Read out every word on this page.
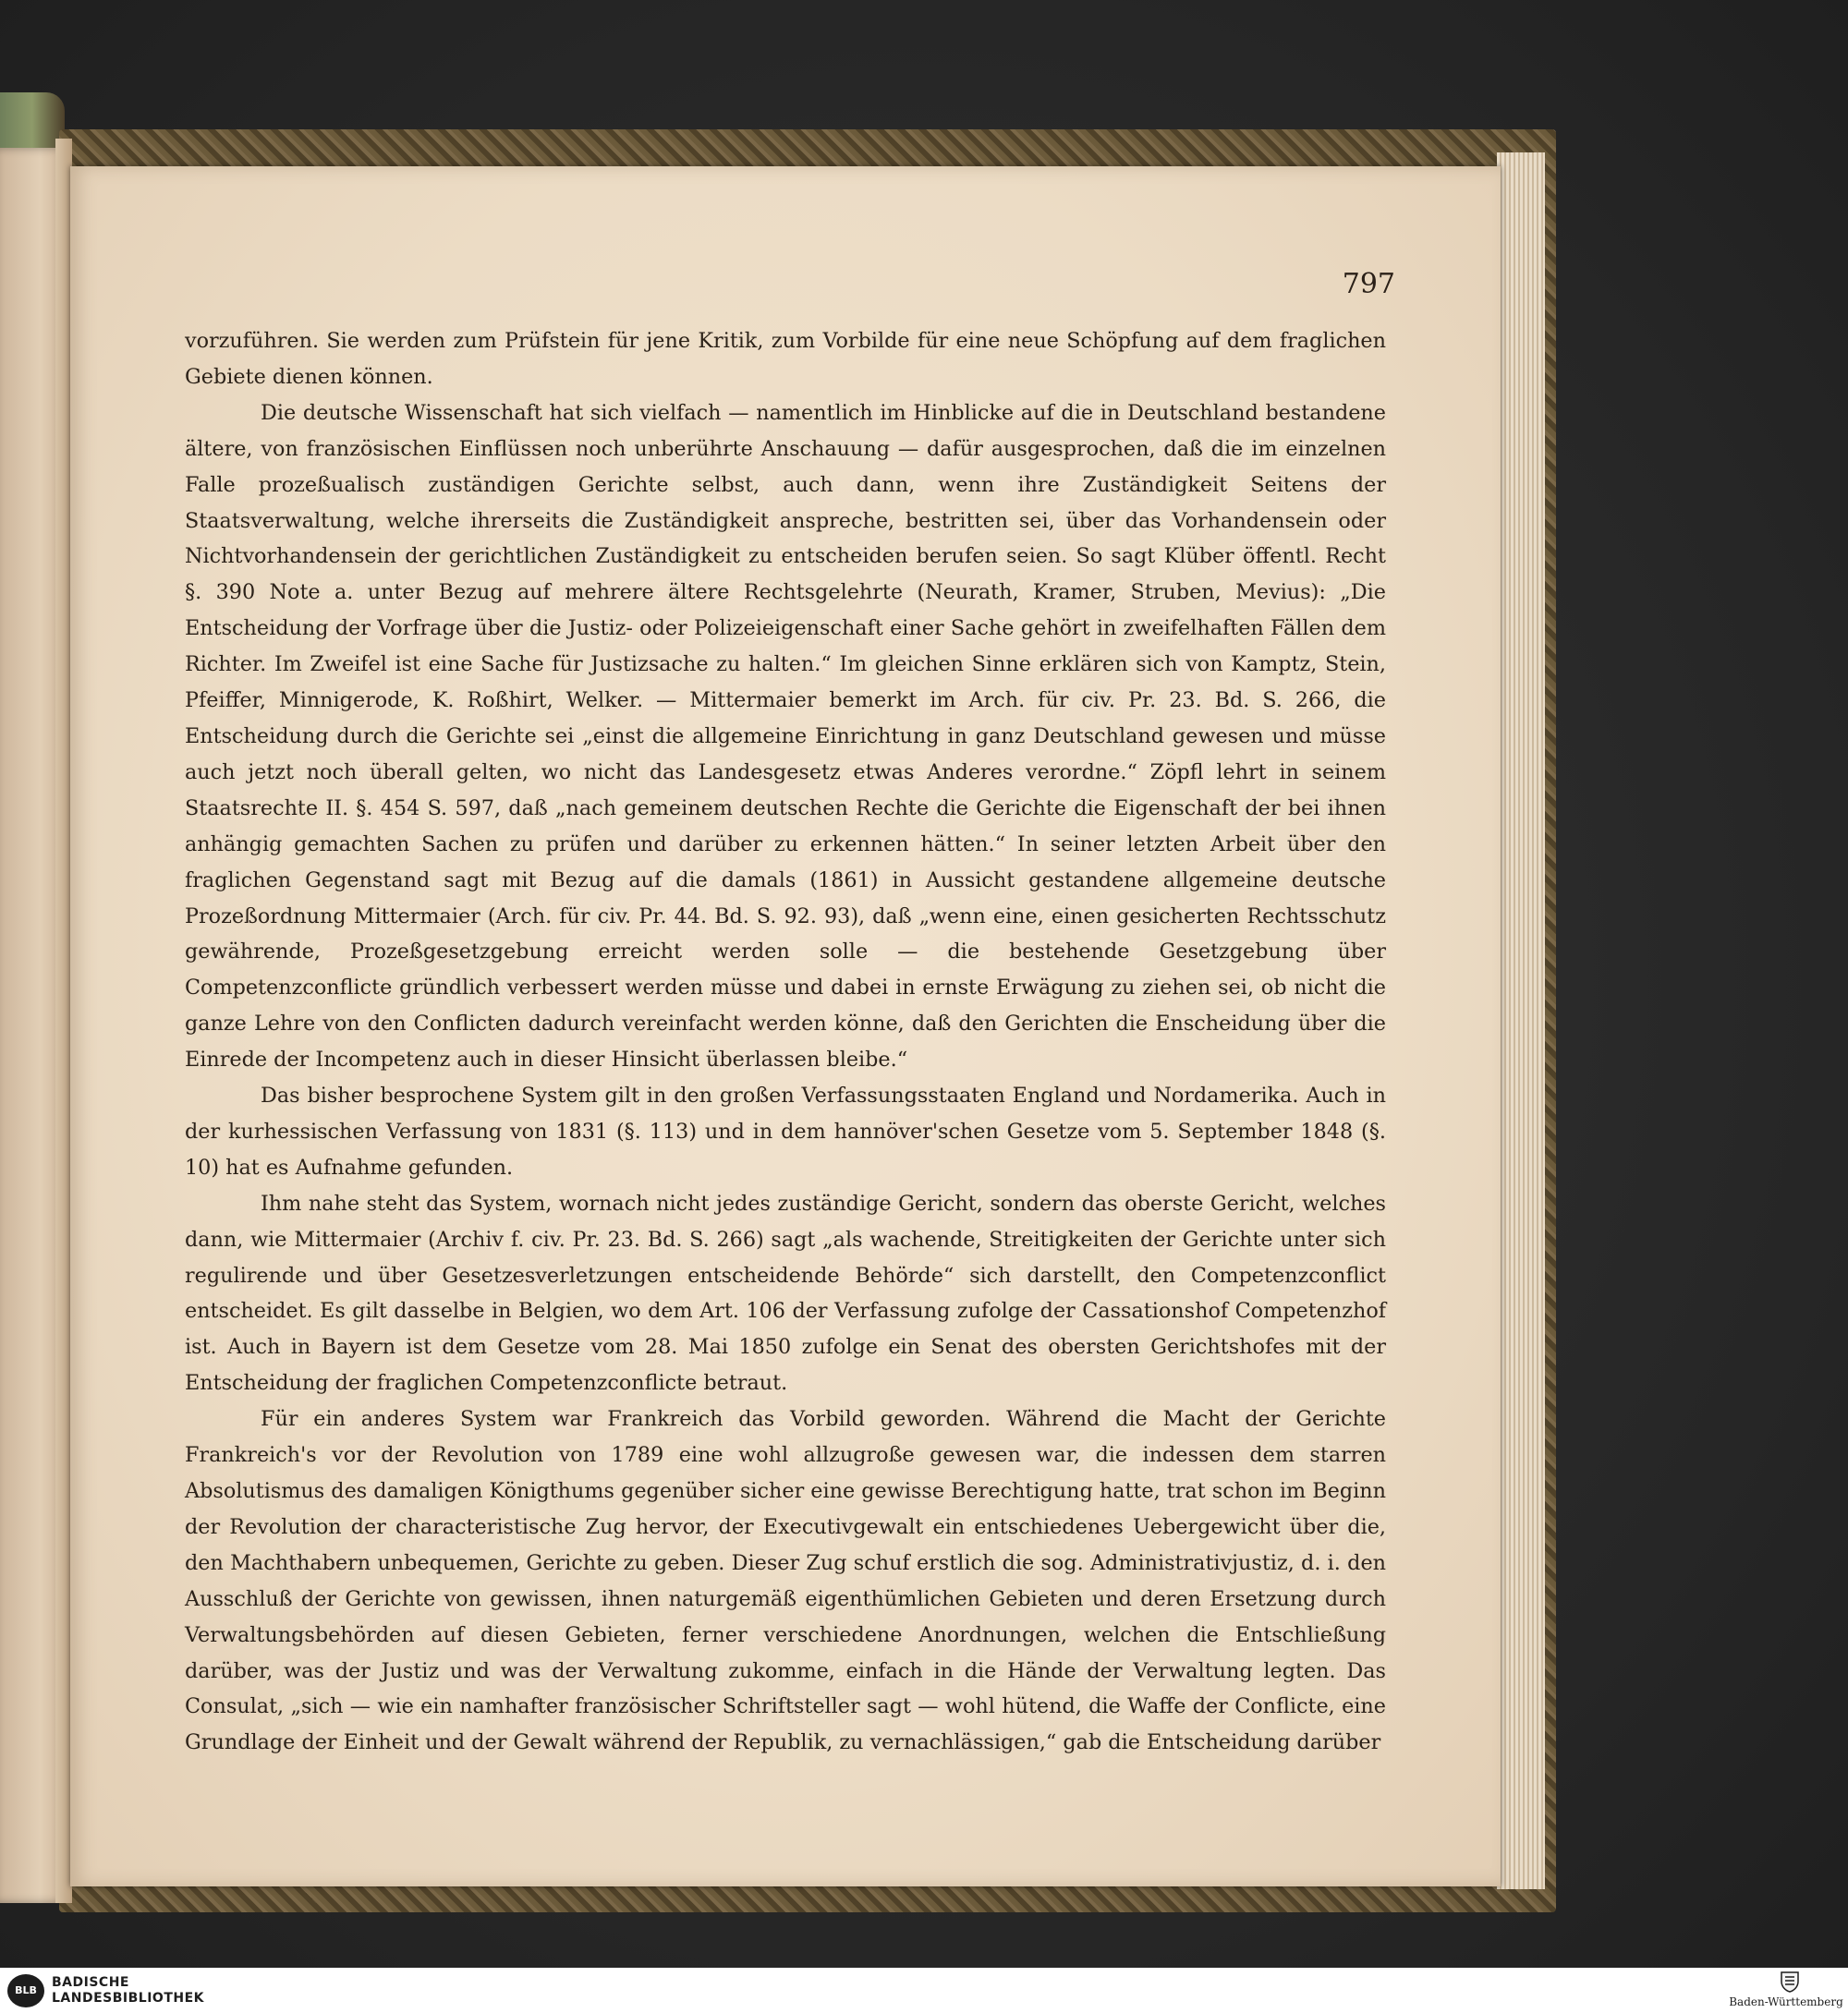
797

vorzuführen. Sie werden zum Prüfstein für jene Kritik, zum Vorbilde für eine neue Schöpfung auf dem fraglichen Gebiete dienen können.

Die deutsche Wissenschaft hat sich vielfach — namentlich im Hinblicke auf die in Deutschland bestandene ältere, von französischen Einflüssen noch unberührte Anschauung — dafür ausgesprochen, daß die im einzelnen Falle prozeßualisch zuständigen Gerichte selbst, auch dann, wenn ihre Zuständigkeit Seitens der Staatsverwaltung, welche ihrerseits die Zuständigkeit anspreche, bestritten sei, über das Vorhandensein oder Nichtvorhandensein der gerichtlichen Zuständigkeit zu entscheiden berufen seien. So sagt Klüber öffentl. Recht §. 390 Note a. unter Bezug auf mehrere ältere Rechtsgelehrte (Neurath, Kramer, Struben, Mevius): „Die Entscheidung der Vorfrage über die Justiz- oder Polizeieigenschaft einer Sache gehört in zweifelhaften Fällen dem Richter. Im Zweifel ist eine Sache für Justizsache zu halten.“ Im gleichen Sinne erklären sich von Kamptz, Stein, Pfeiffer, Minnigerode, K. Roßhirt, Welker. — Mittermaier bemerkt im Arch. für civ. Pr. 23. Bd. S. 266, die Entscheidung durch die Gerichte sei „einst die allgemeine Einrichtung in ganz Deutschland gewesen und müsse auch jetzt noch überall gelten, wo nicht das Landesgesetz etwas Anderes verordne.“ Zöpfl lehrt in seinem Staatsrechte II. §. 454 S. 597, daß „nach gemeinem deutschen Rechte die Gerichte die Eigenschaft der bei ihnen anhängig gemachten Sachen zu prüfen und darüber zu erkennen hätten.“ In seiner letzten Arbeit über den fraglichen Gegenstand sagt mit Bezug auf die damals (1861) in Aussicht gestandene allgemeine deutsche Prozeßordnung Mittermaier (Arch. für civ. Pr. 44. Bd. S. 92. 93), daß „wenn eine, einen gesicherten Rechtsschutz gewährende, Prozeßgesetzgebung erreicht werden solle — die bestehende Gesetzgebung über Competenzconflicte gründlich verbessert werden müsse und dabei in ernste Erwägung zu ziehen sei, ob nicht die ganze Lehre von den Conflicten dadurch vereinfacht werden könne, daß den Gerichten die Enscheidung über die Einrede der Incompetenz auch in dieser Hinsicht überlassen bleibe.“

Das bisher besprochene System gilt in den großen Verfassungsstaaten England und Nordamerika. Auch in der kurhessischen Verfassung von 1831 (§. 113) und in dem hannöver'schen Gesetze vom 5. September 1848 (§. 10) hat es Aufnahme gefunden.

Ihm nahe steht das System, wornach nicht jedes zuständige Gericht, sondern das oberste Gericht, welches dann, wie Mittermaier (Archiv f. civ. Pr. 23. Bd. S. 266) sagt „als wachende, Streitigkeiten der Gerichte unter sich regulirende und über Gesetzesverletzungen entscheidende Behörde“ sich darstellt, den Competenzconflict entscheidet. Es gilt dasselbe in Belgien, wo dem Art. 106 der Verfassung zufolge der Cassationshof Competenzhof ist. Auch in Bayern ist dem Gesetze vom 28. Mai 1850 zufolge ein Senat des obersten Gerichtshofes mit der Entscheidung der fraglichen Competenzconflicte betraut.

Für ein anderes System war Frankreich das Vorbild geworden. Während die Macht der Gerichte Frankreich's vor der Revolution von 1789 eine wohl allzugroße gewesen war, die indessen dem starren Absolutismus des damaligen Königthums gegenüber sicher eine gewisse Berechtigung hatte, trat schon im Beginn der Revolution der characteristische Zug hervor, der Executivgewalt ein entschiedenes Uebergewicht über die, den Machthabern unbequemen, Gerichte zu geben. Dieser Zug schuf erstlich die sog. Administrativjustiz, d. i. den Ausschluß der Gerichte von gewissen, ihnen naturgemäß eigenthümlichen Gebieten und deren Ersetzung durch Verwaltungsbehörden auf diesen Gebieten, ferner verschiedene Anordnungen, welchen die Entschließung darüber, was der Justiz und was der Verwaltung zukomme, einfach in die Hände der Verwaltung legten. Das Consulat, „sich — wie ein namhafter französischer Schriftsteller sagt — wohl hütend, die Waffe der Conflicte, eine Grundlage der Einheit und der Gewalt während der Republik, zu vernachlässigen,“ gab die Entscheidung darüber

BLB
BADISCHE
LANDESBIBLIOTHEK	Baden-Württemberg
